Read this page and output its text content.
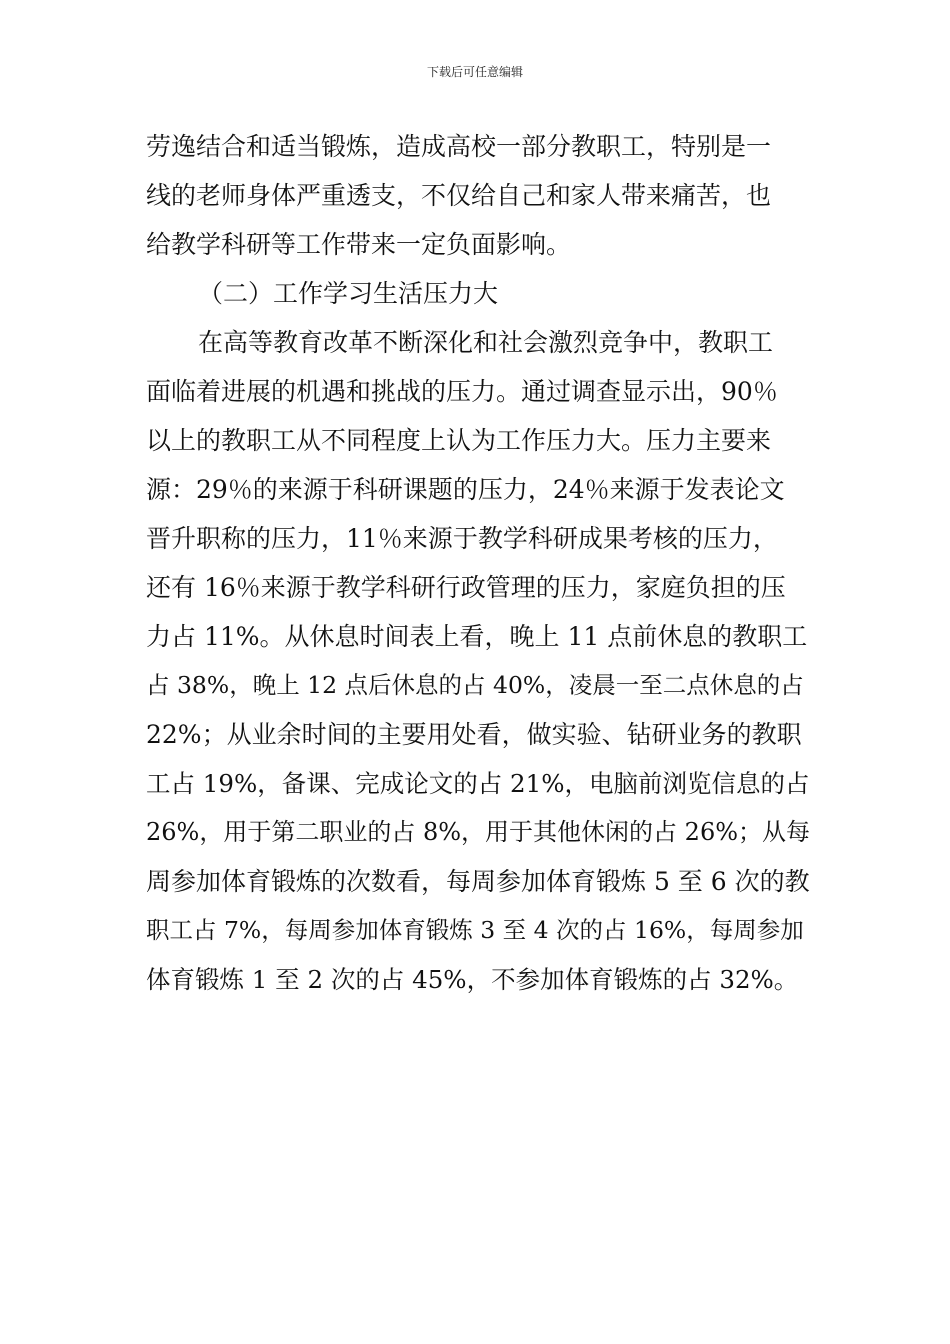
下载后可任意编辑
劳逸结合和适当锻炼，造成高校一部分教职工，特别是一
线的老师身体严重透支，不仅给自己和家人带来痛苦，也
给教学科研等工作带来一定负面影响。
（二）工作学习生活压力大
在高等教育改革不断深化和社会激烈竞争中，教职工
面临着进展的机遇和挑战的压力。通过调查显示出，90％
以上的教职工从不同程度上认为工作压力大。压力主要来
源：29％的来源于科研课题的压力，24％来源于发表论文
晋升职称的压力，11％来源于教学科研成果考核的压力，
还有 16％来源于教学科研行政管理的压力，家庭负担的压
力占 11%。从休息时间表上看，晚上 11 点前休息的教职工
占 38%，晚上 12 点后休息的占 40%，凌晨一至二点休息的占
22%；从业余时间的主要用处看，做实验、钻研业务的教职
工占 19%，备课、完成论文的占 21%，电脑前浏览信息的占
26%，用于第二职业的占 8%，用于其他休闲的占 26%；从每
周参加体育锻炼的次数看，每周参加体育锻炼 5 至 6 次的教
职工占 7%，每周参加体育锻炼 3 至 4 次的占 16%，每周参加
体育锻炼 1 至 2 次的占 45%，不参加体育锻炼的占 32%。
